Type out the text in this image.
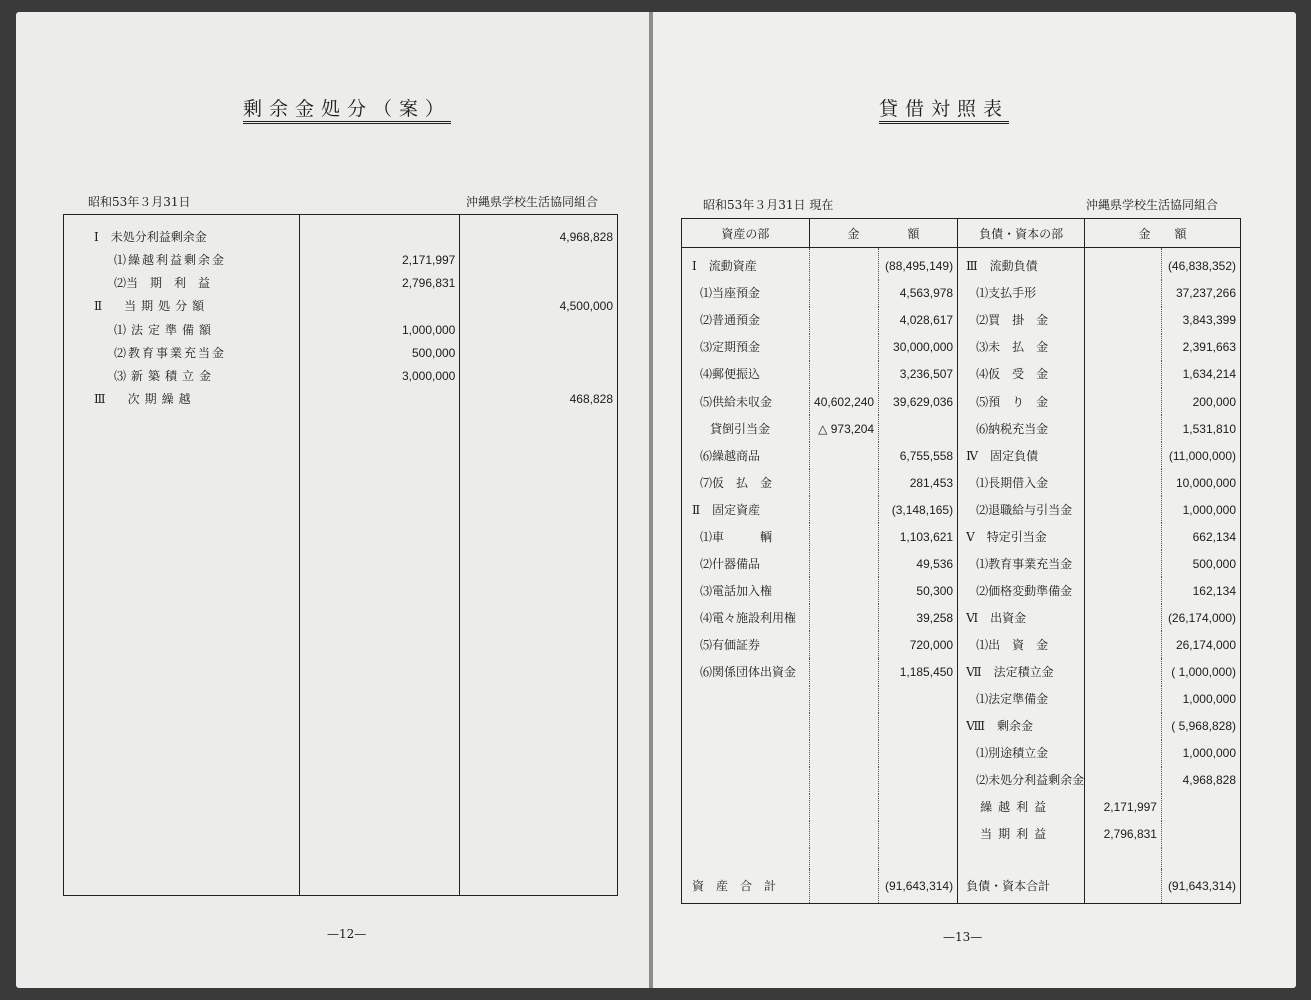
剰余金処分（案）
昭和53年３月31日	沖縄県学校生活協同組合
Ⅰ　未処分利益剰余金		4,968,828
⑴繰越利益剰余金	2,171,997	
⑵当　期　利　益	2,796,831	
Ⅱ　当期処分額		4,500,000
⑴法定準備額	1,000,000	
⑵教育事業充当金	500,000	
⑶新築積立金	3,000,000	
Ⅲ　次期繰越		468,828

—12—
貸借対照表
昭和53年３月31日 現在	沖縄県学校生活協同組合
資産の部	金　　　　額		負債・資本の部	金　　額	
Ⅰ　流動資産		(88,495,149)	Ⅲ　流動負債		(46,838,352)
⑴当座預金		4,563,978	⑴支払手形		37,237,266
⑵普通預金		4,028,617	⑵買　掛　金		3,843,399
⑶定期預金		30,000,000	⑶未　払　金		2,391,663
⑷郵便振込		3,236,507	⑷仮　受　金		1,634,214
⑸供給未収金	40,602,240	39,629,036	⑸預　り　金		200,000
貸倒引当金	△ 973,204		⑹納税充当金		1,531,810
⑹繰越商品		6,755,558	Ⅳ　固定負債		(11,000,000)
⑺仮　払　金		281,453	⑴長期借入金		10,000,000
Ⅱ　固定資産		(3,148,165)	⑵退職給与引当金		1,000,000
⑴車　　　輌		1,103,621	Ⅴ　特定引当金		662,134
⑵什器備品		49,536	⑴教育事業充当金		500,000
⑶電話加入権		50,300	⑵価格変動準備金		162,134
⑷電々施設利用権		39,258	Ⅵ　出資金		(26,174,000)
⑸有価証券		720,000	⑴出　資　金		26,174,000
⑹関係団体出資金		1,185,450	Ⅶ　法定積立金		( 1,000,000)
			⑴法定準備金		1,000,000
			Ⅷ　剰余金		( 5,968,828)
			⑴別途積立金		1,000,000
			⑵未処分利益剰余金		4,968,828
			繰越利益	2,171,997	
			当期利益	2,796,831	

資　産　合　計		(91,643,314)	負債・資本合計		(91,643,314)
—13—
